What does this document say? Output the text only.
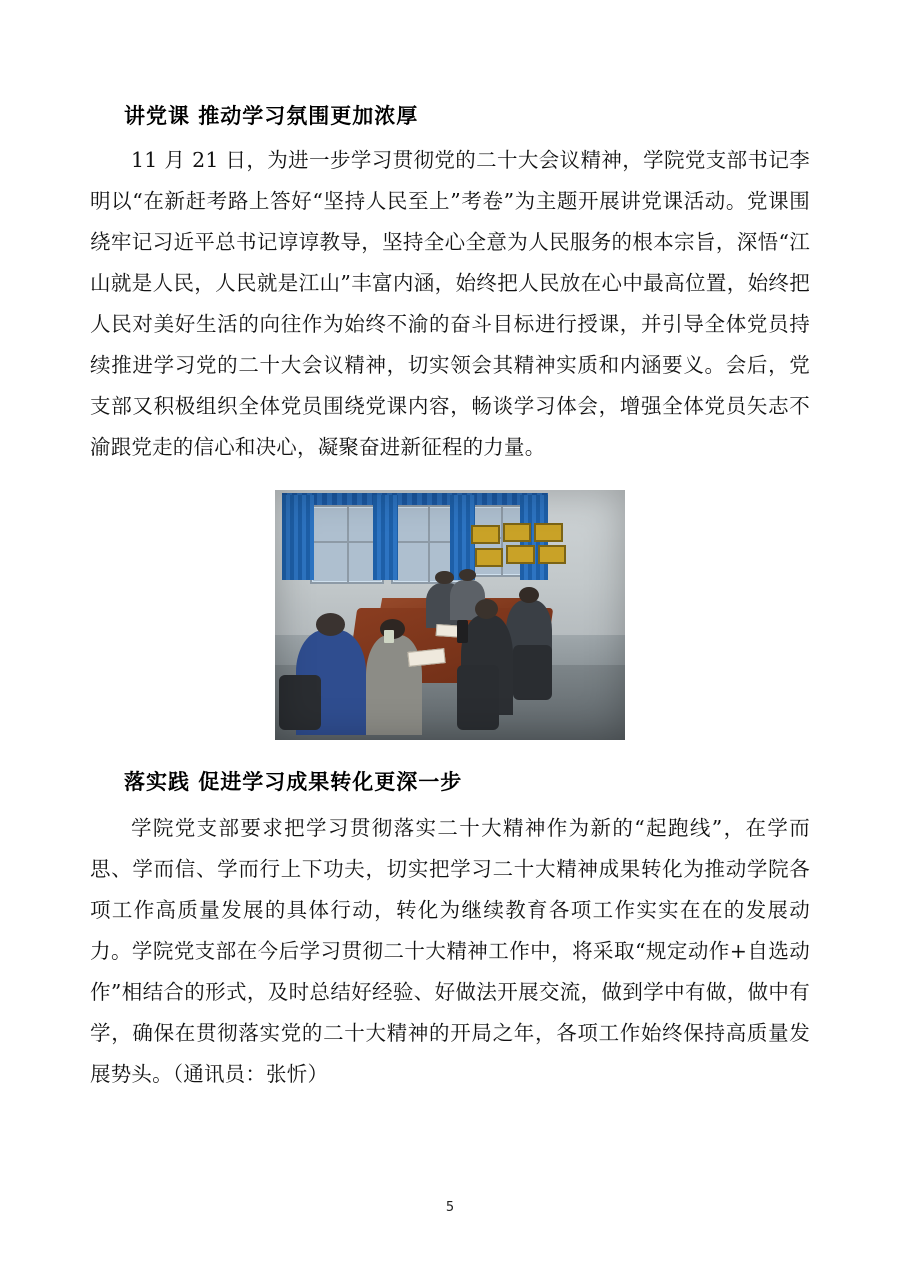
讲党课 推动学习氛围更加浓厚

11 月 21 日，为进一步学习贯彻党的二十大会议精神，学院党支部书记李明以“在新赶考路上答好“坚持人民至上”考卷”为主题开展讲党课活动。党课围绕牢记习近平总书记谆谆教导，坚持全心全意为人民服务的根本宗旨，深悟“江山就是人民，人民就是江山”丰富内涵，始终把人民放在心中最高位置，始终把人民对美好生活的向往作为始终不渝的奋斗目标进行授课，并引导全体党员持续推进学习党的二十大会议精神，切实领会其精神实质和内涵要义。会后，党支部又积极组织全体党员围绕党课内容，畅谈学习体会，增强全体党员矢志不渝跟党走的信心和决心，凝聚奋进新征程的力量。

落实践 促进学习成果转化更深一步

学院党支部要求把学习贯彻落实二十大精神作为新的“起跑线”，在学而思、学而信、学而行上下功夫，切实把学习二十大精神成果转化为推动学院各项工作高质量发展的具体行动，转化为继续教育各项工作实实在在的发展动力。学院党支部在今后学习贯彻二十大精神工作中，将采取“规定动作+自选动作”相结合的形式，及时总结好经验、好做法开展交流，做到学中有做，做中有学，确保在贯彻落实党的二十大精神的开局之年，各项工作始终保持高质量发展势头。（通讯员：张忻）

5
